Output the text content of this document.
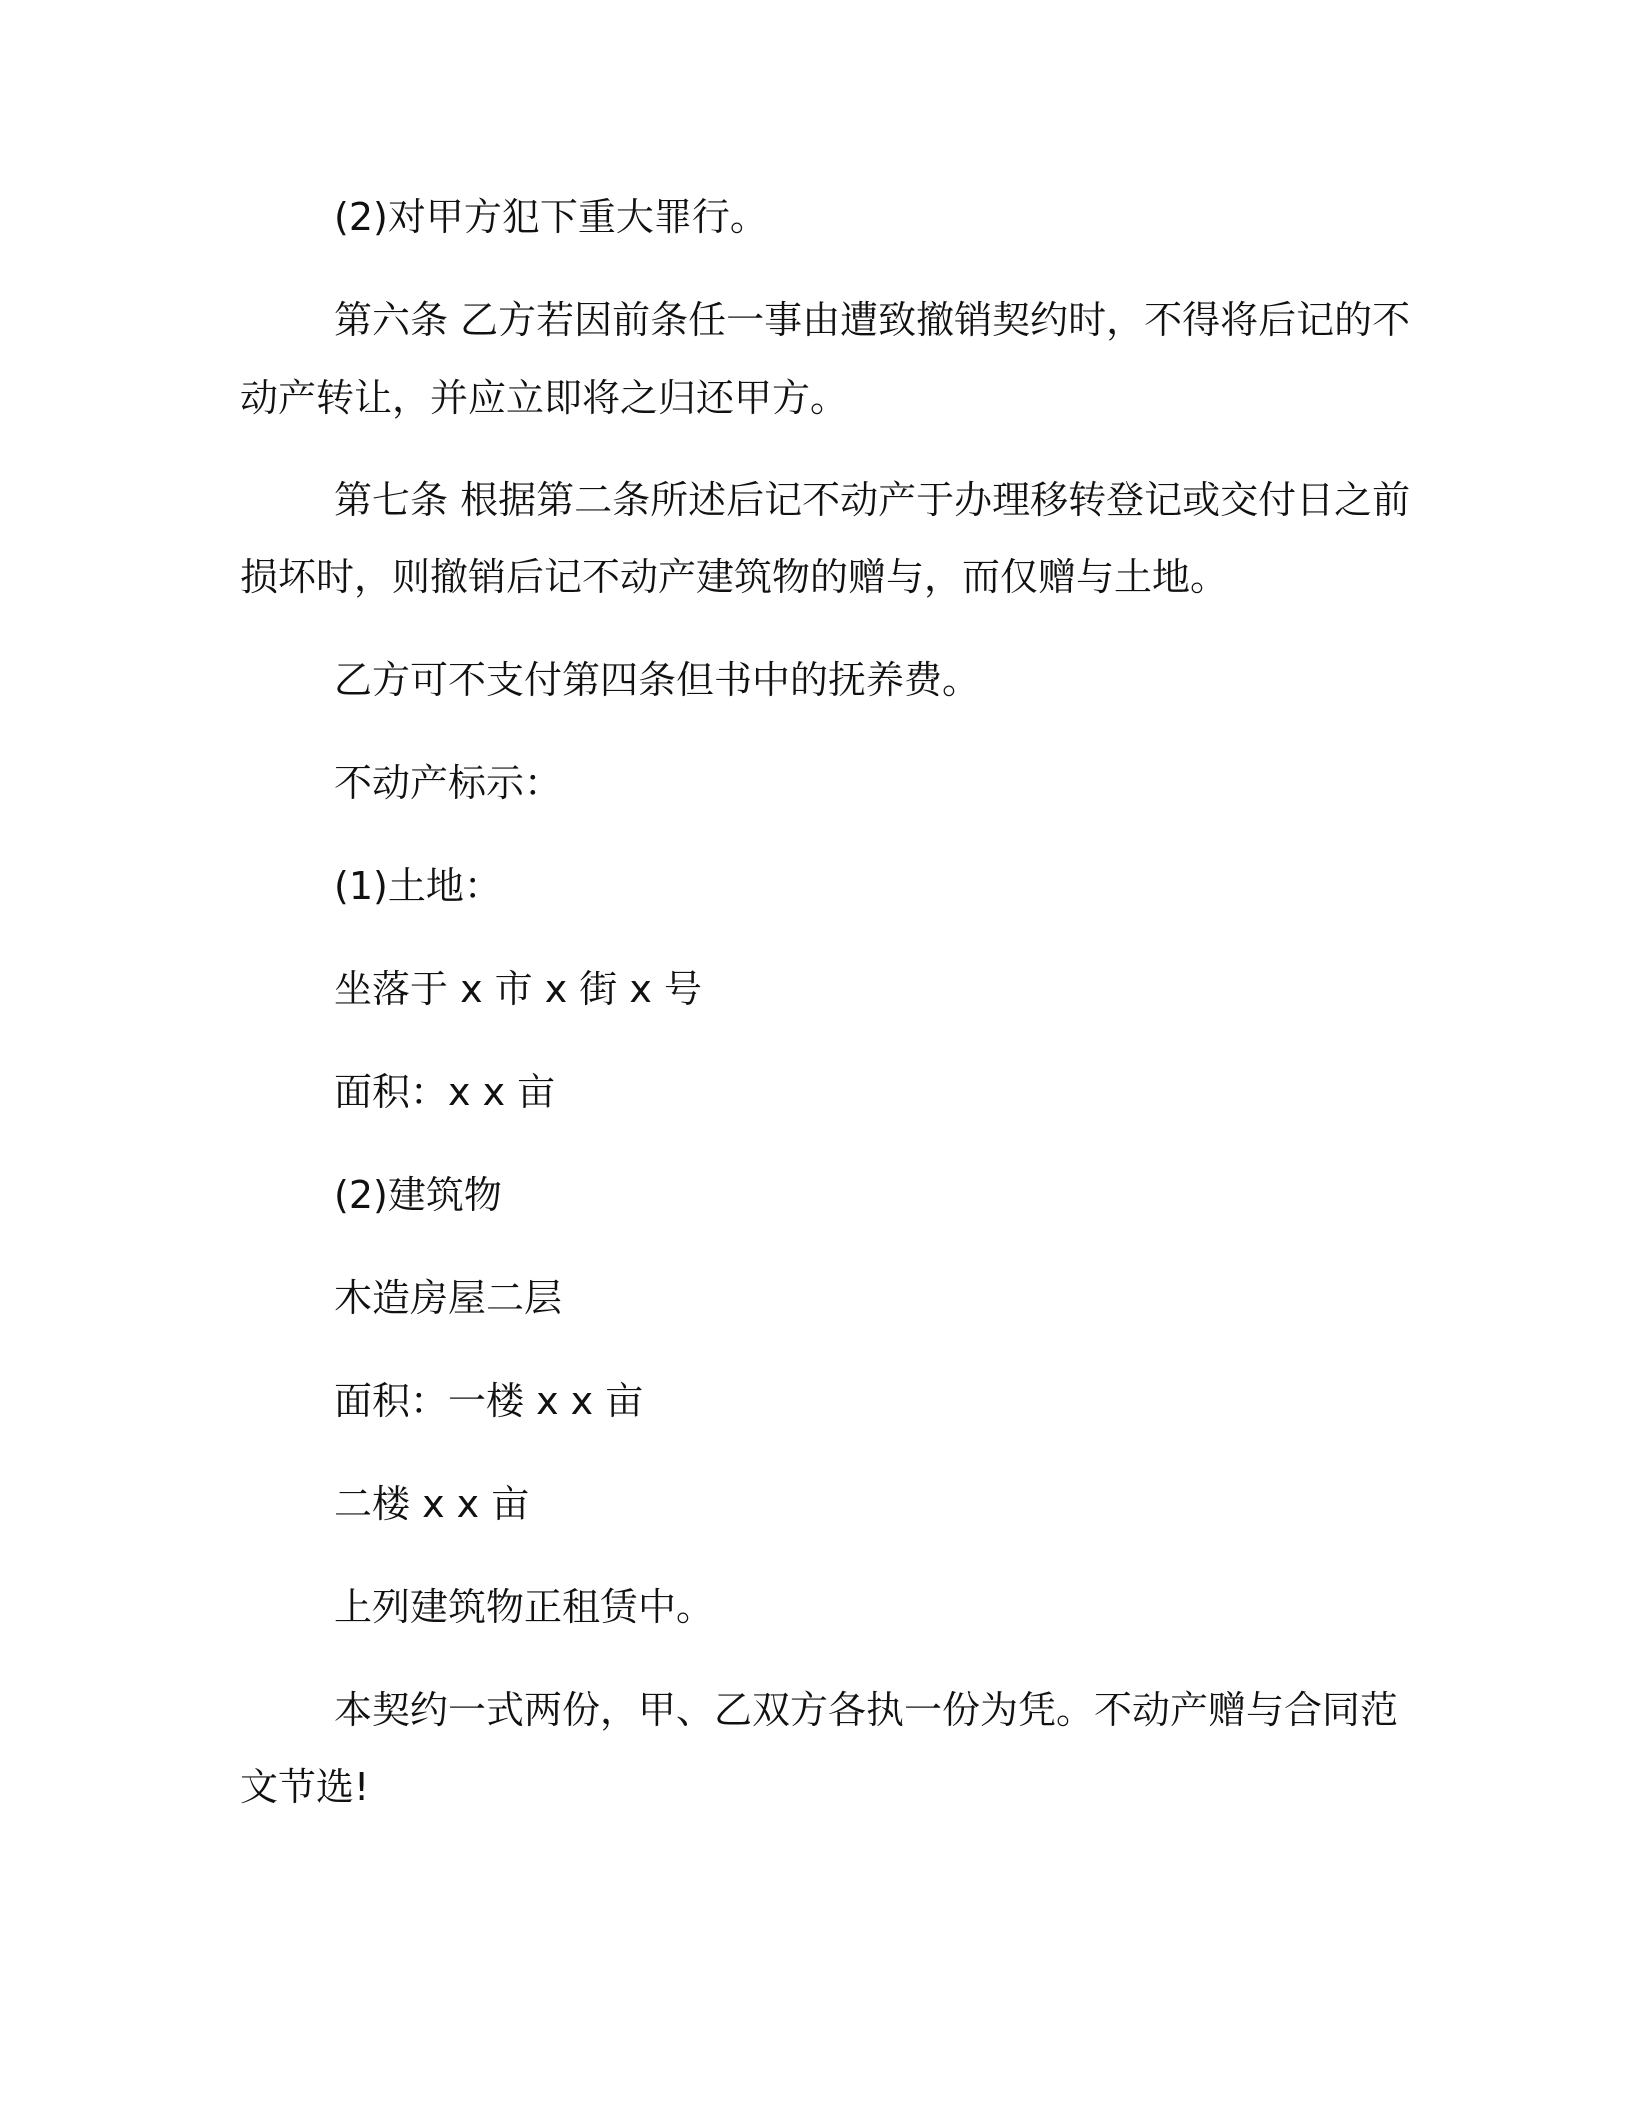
(2)对甲方犯下重大罪行。

第六条 乙方若因前条任一事由遭致撤销契约时，不得将后记的不

动产转让，并应立即将之归还甲方。

第七条 根据第二条所述后记不动产于办理移转登记或交付日之前

损坏时，则撤销后记不动产建筑物的赠与，而仅赠与土地。

乙方可不支付第四条但书中的抚养费。

不动产标示：

(1)土地：

坐落于 x 市 x 街 x 号

面积：x x 亩

(2)建筑物

木造房屋二层

面积：一楼 x x 亩

二楼 x x 亩

上列建筑物正租赁中。

本契约一式两份，甲、乙双方各执一份为凭。不动产赠与合同范

文节选!
